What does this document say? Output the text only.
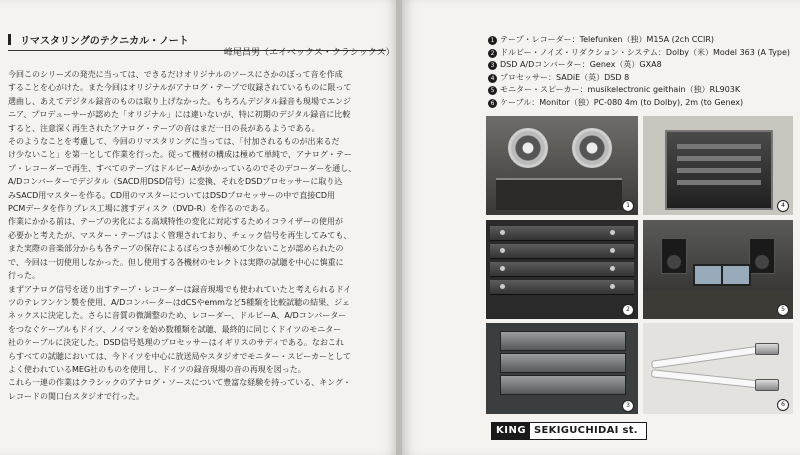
リマスタリングのテクニカル・ノート
峰尾昌男（エイベックス・クラシックス）

今回このシリーズの発売に当っては、できるだけオリジナルのソースにさかのぼって音を作成

することを心がけた。また今回はオリジナルがアナログ・テープで収録されているものに限って

選曲し、あえてデジタル録音のものは取り上げなかった。もちろんデジタル録音も現場でエンジ

ニア、プロデューサーが認めた「オリジナル」には違いないが、特に初期のデジタル録音に比較

すると、注意深く再生されたアナログ・テープの音はまだ一日の長があるようである。

そのようなことを考慮して、今回のリマスタリングに当っては、「付加されるものが出来るだ

け少ないこと」を第一として作業を行った。従って機材の構成は極めて単純で、アナログ・テー

プ・レコーダーで再生、すべてのテープはドルビーAがかかっているのでそのデコーダーを通し、

A/Dコンバーターでデジタル（SACD用DSD信号）に変換、それをDSDプロセッサーに取り込

みSACD用マスターを作る。CD用のマスターについてはDSDプロセッサーの中で直接CD用

PCMデータを作りプレス工場に渡すディスク（DVD-R）を作るのである。

作業にかかる前は、テープの劣化による高域特性の変化に対応するためイコライザーの使用が

必要かと考えたが、マスター・テープはよく管理されており、チェック信号を再生してみても、

また実際の音楽部分からも各テープの保存によるばらつきが極めて少ないことが認められたの

で、今回は一切使用しなかった。但し使用する各機材のセレクトは実際の試聴を中心に慎重に

行った。

まずアナログ信号を送り出すテープ・レコーダーは録音現場でも使われていたと考えられるドイ

ツのテレフンケン製を使用、A/DコンバーターはdCSやemmなど5種類を比較試聴の結果、ジェ

ネックスに決定した。さらに音質の微調整のため、レコーダー、ドルビーA、A/Dコンバーター

をつなぐケーブルもドイツ、ノイマンを始め数種類を試聴、最終的に同じくドイツのモニター

社のケーブルに決定した。DSD信号処理のプロセッサーはイギリスのサディである。なおこれ

らすべての試聴においては、今ドイツを中心に放送局やスタジオでモニター・スピーカーとして

よく使われているMEG社のものを使用し、ドイツの録音現場の音の再現を図った。

これら一連の作業はクラシックのアナログ・ソースについて豊富な経験を持っている、キング・

レコードの関口台スタジオで行った。

1 テープ・レコーダー：Telefunken（独）M15A (2ch CCIR)
2 ドルビー・ノイズ・リダクション・システム：Dolby（米）Model 363 (A Type)
3 DSD A/Dコンバーター：Genex（英）GXA8
4 プロセッサー：SADiE（英）DSD 8
5 モニター・スピーカー：musikelectronic geithain（独）RL903K
6 ケーブル：Monitor（独）PC-080 4m (to Dolby), 2m (to Genex)
1
2
3
4
5
6
KING SEKIGUCHIDAI st.
